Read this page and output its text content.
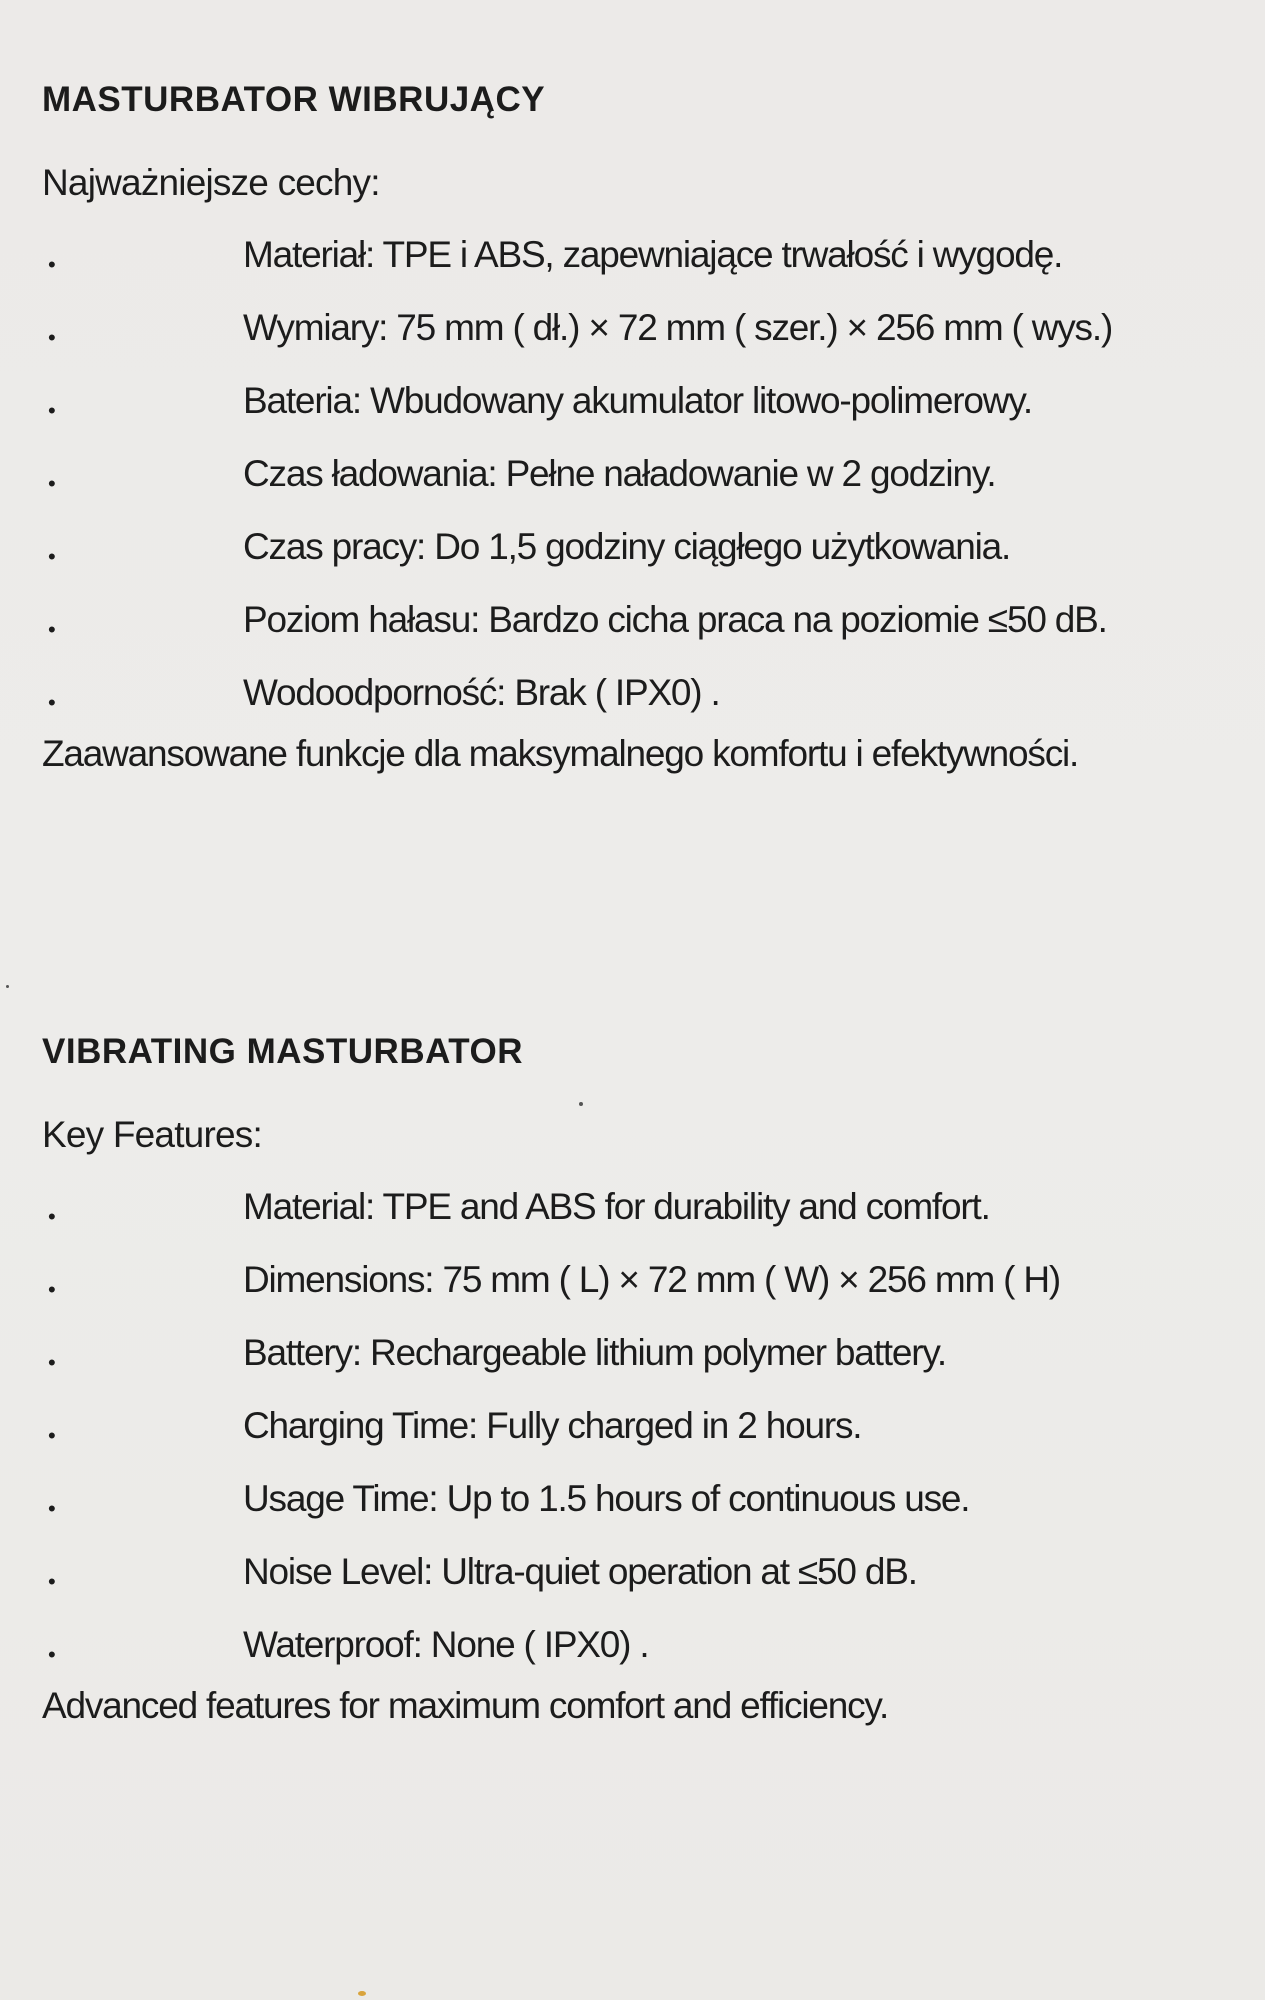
MASTURBATOR WIBRUJĄCY
Najważniejsze cechy:
•	Materiał: TPE i ABS, zapewniające trwałość i wygodę.
•	Wymiary: 75 mm ( dł.) × 72 mm ( szer.) × 256 mm ( wys.)
•	Bateria: Wbudowany akumulator litowo-polimerowy.
•	Czas ładowania: Pełne naładowanie w 2 godziny.
•	Czas pracy: Do 1,5 godziny ciągłego użytkowania.
•	Poziom hałasu: Bardzo cicha praca na poziomie ≤50 dB.
•	Wodoodporność: Brak ( IPX0) .
Zaawansowane funkcje dla maksymalnego komfortu i efektywności.
VIBRATING MASTURBATOR
Key Features:
•	Material: TPE and ABS for durability and comfort.
•	Dimensions: 75 mm ( L) × 72 mm ( W) × 256 mm ( H)
•	Battery: Rechargeable lithium polymer battery.
•	Charging Time: Fully charged in 2 hours.
•	Usage Time: Up to 1.5 hours of continuous use.
•	Noise Level: Ultra-quiet operation at ≤50 dB.
•	Waterproof: None ( IPX0) .
Advanced features for maximum comfort and efficiency.
